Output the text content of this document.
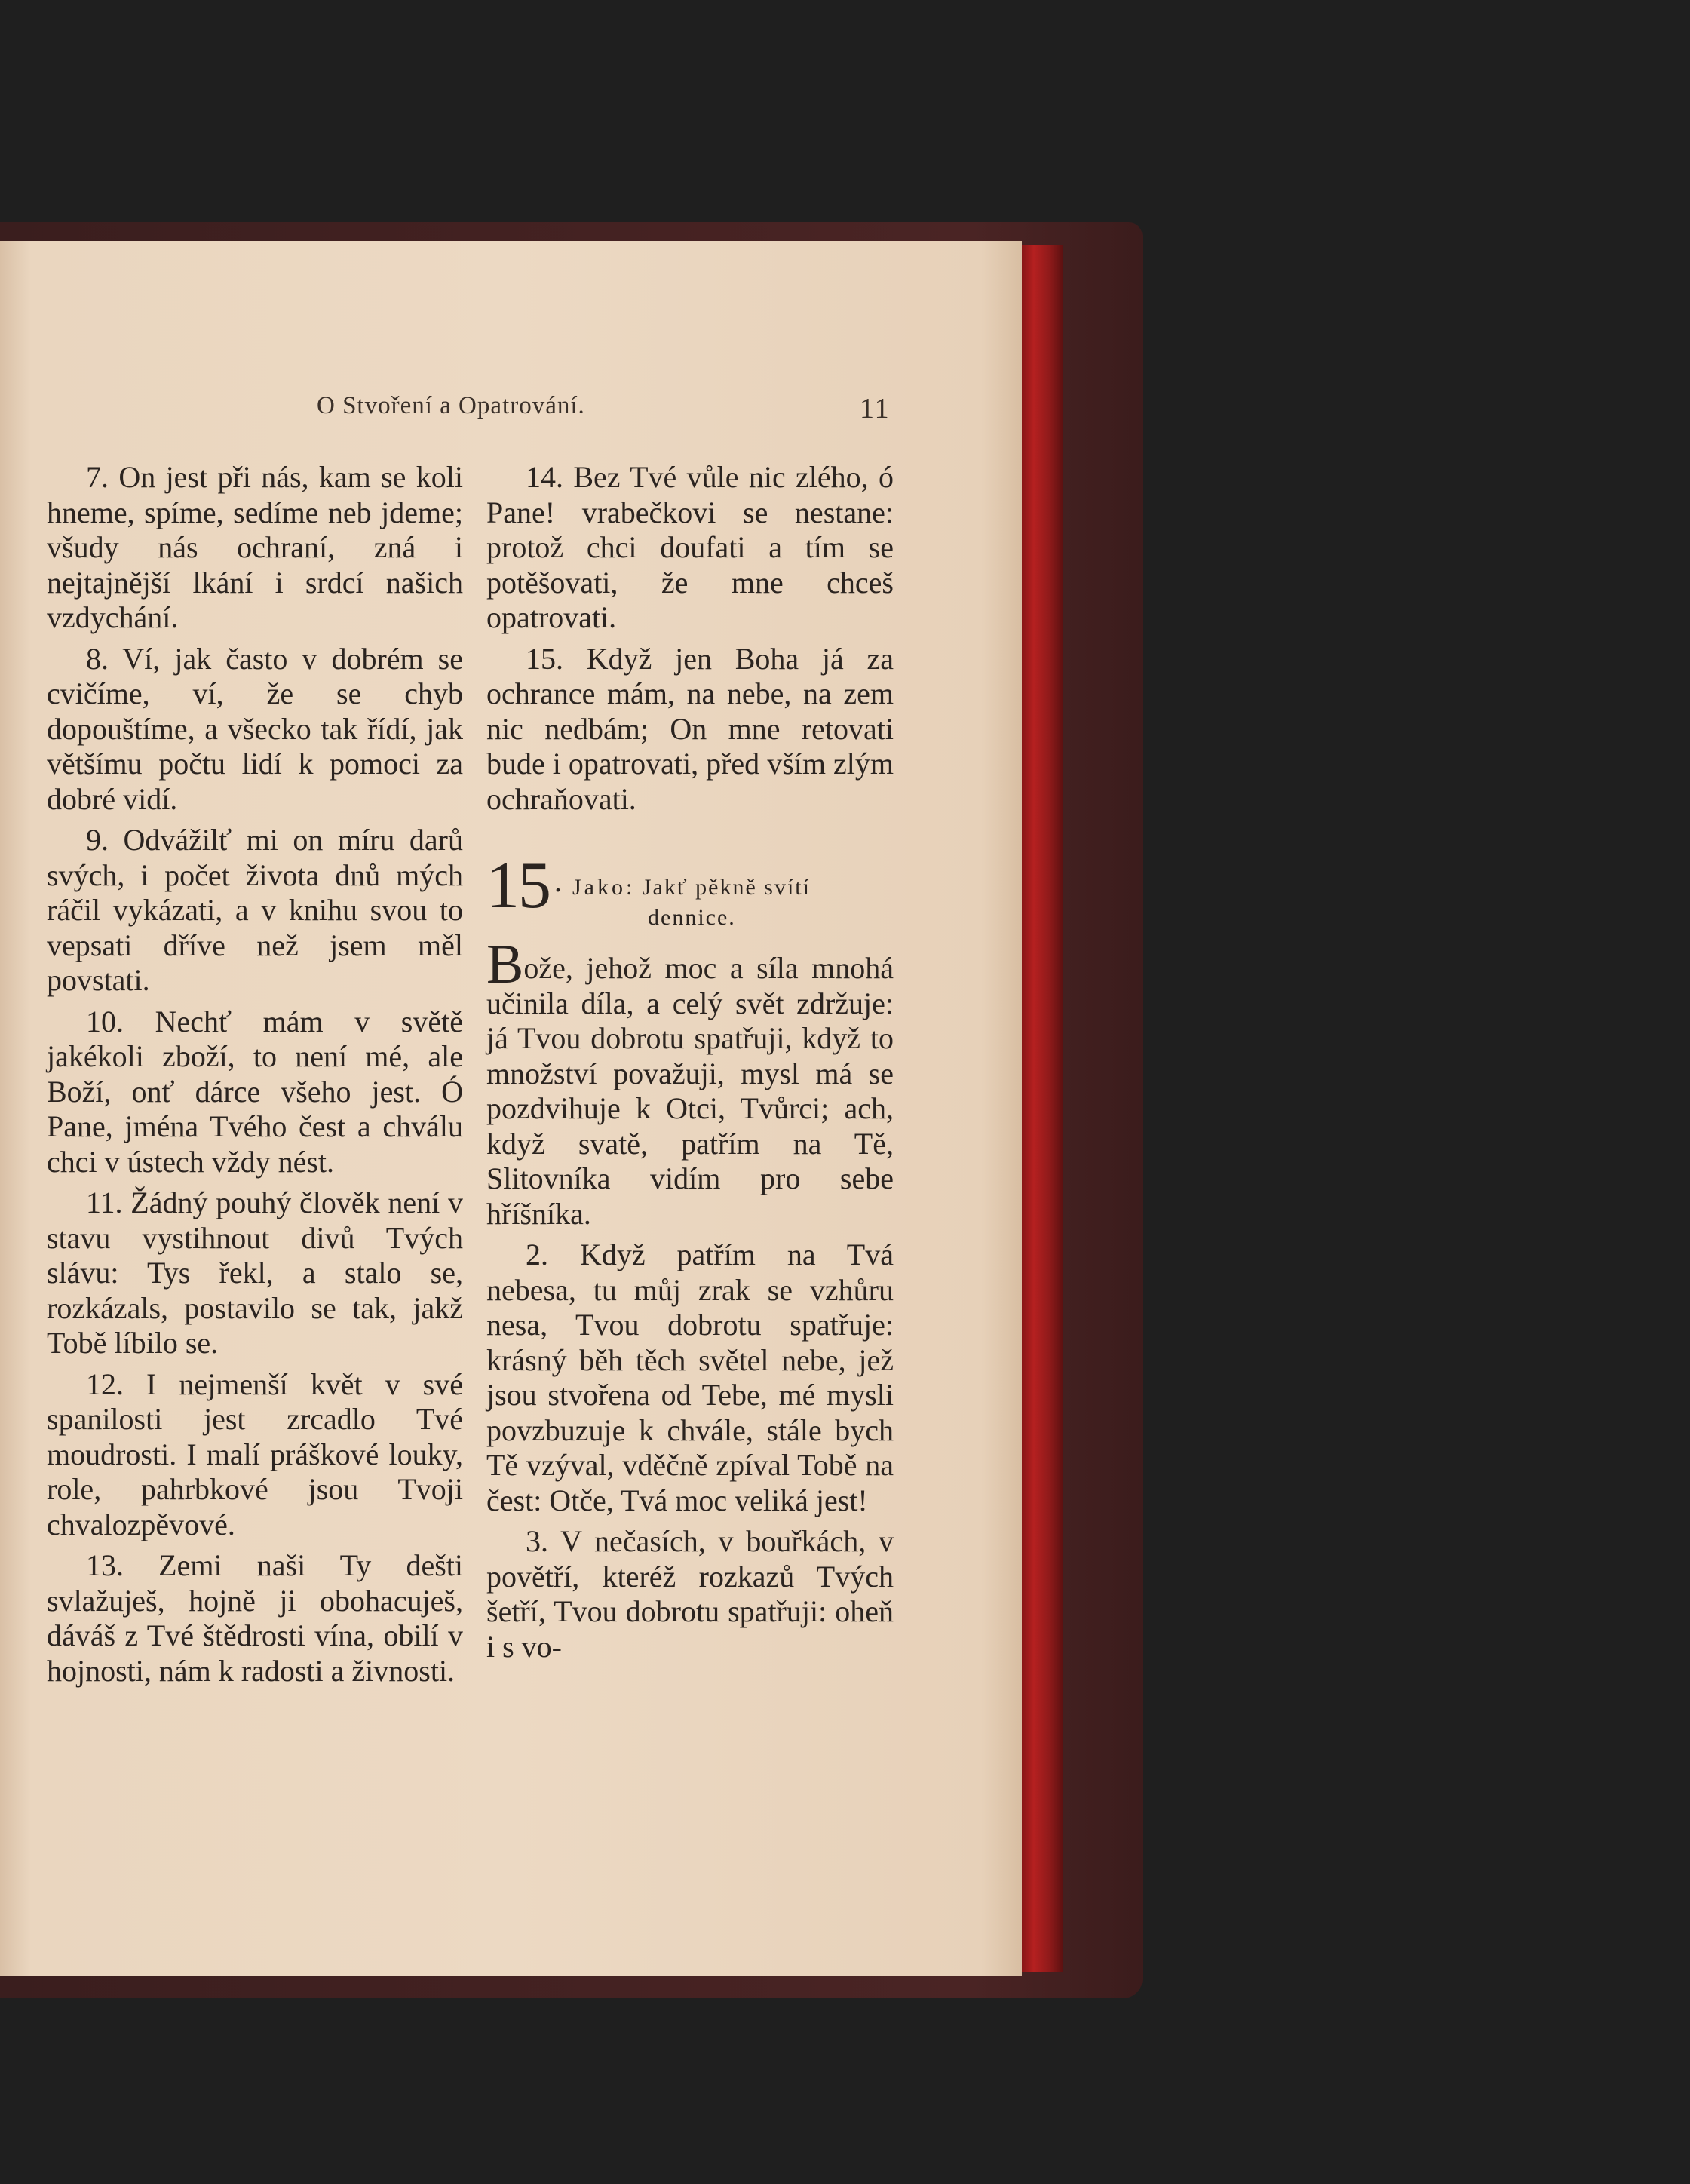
O Stvoření a Opatrování.	11

7. On jest při nás, kam se koli hneme, spíme, sedíme neb jdeme; všudy nás ochraní, zná i nejtajnější lkání i srdcí našich vzdychání.

8. Ví, jak často v dobrém se cvičíme, ví, že se chyb dopouštíme, a všecko tak řídí, jak většímu počtu lidí k pomoci za dobré vidí.

9. Odvážilť mi on míru darů svých, i počet života dnů mých ráčil vykázati, a v knihu svou to vepsati dříve než jsem měl povstati.

10. Nechť mám v světě jakékoli zboží, to není mé, ale Boží, onť dárce všeho jest. Ó Pane, jména Tvého čest a chválu chci v ústech vždy nést.

11. Žádný pouhý člověk není v stavu vystihnout divů Tvých slávu: Tys řekl, a stalo se, rozkázals, postavilo se tak, jakž Tobě líbilo se.

12. I nejmenší květ v své spanilosti jest zrcadlo Tvé moudrosti. I malí práškové louky, role, pahrbkové jsou Tvoji chvalozpěvové.

13. Zemi naši Ty dešti svlažuješ, hojně ji obohacuješ, dáváš z Tvé štědrosti vína, obilí v hojnosti, nám k radosti a živnosti.

14. Bez Tvé vůle nic zlého, ó Pane! vrabečkovi se nestane: protož chci doufati a tím se potěšovati, že mne chceš opatrovati.

15. Když jen Boha já za ochrance mám, na nebe, na zem nic nedbám; On mne retovati bude i opatrovati, před vším zlým ochraňovati.

15 . Jako: Jakť pěkně svítí
dennice.

Bože, jehož moc a síla mnohá učinila díla, a celý svět zdržuje: já Tvou dobrotu spatřuji, když to množství považuji, mysl má se pozdvihuje k Otci, Tvůrci; ach, když svatě, patřím na Tě, Slitovníka vidím pro sebe hříšníka.

2. Když patřím na Tvá nebesa, tu můj zrak se vzhůru nesa, Tvou dobrotu spatřuje: krásný běh těch světel nebe, jež jsou stvořena od Tebe, mé mysli povzbuzuje k chvále, stále bych Tě vzýval, vděčně zpíval Tobě na čest: Otče, Tvá moc veliká jest!

3. V nečasích, v bouřkách, v povětří, kteréž rozkazů Tvých šetří, Tvou dobrotu spatřuji: oheň i s vo-
